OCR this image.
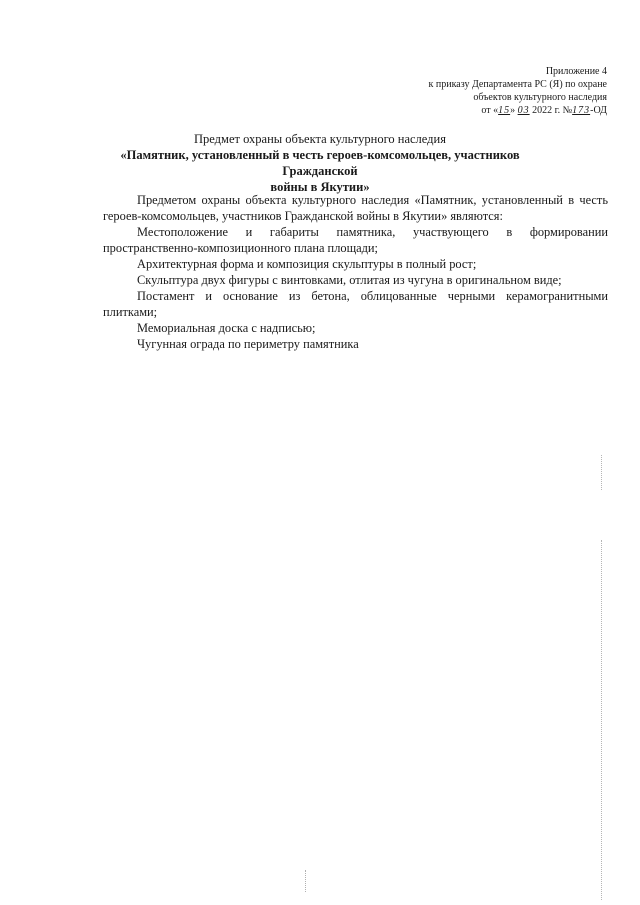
Приложение 4
к приказу Департамента РС (Я) по охране
объектов культурного наследия
от «15» 03 2022 г. №173-ОД
Предмет охраны объекта культурного наследия
«Памятник, установленный в честь героев-комсомольцев, участников Гражданской
войны в Якутии»

Предметом охраны объекта культурного наследия «Памятник, установленный в честь героев-комсомольцев, участников Гражданской войны в Якутии» являются:

Местоположение и габариты памятника, участвующего в формировании пространственно-композиционного плана площади;

Архитектурная форма и композиция скульптуры в полный рост;

Скульптура двух фигуры с винтовками, отлитая из чугуна в оригинальном виде;

Постамент и основание из бетона, облицованные черными керамогранитными плитками;

Мемориальная доска с надписью;

Чугунная ограда по периметру памятника
